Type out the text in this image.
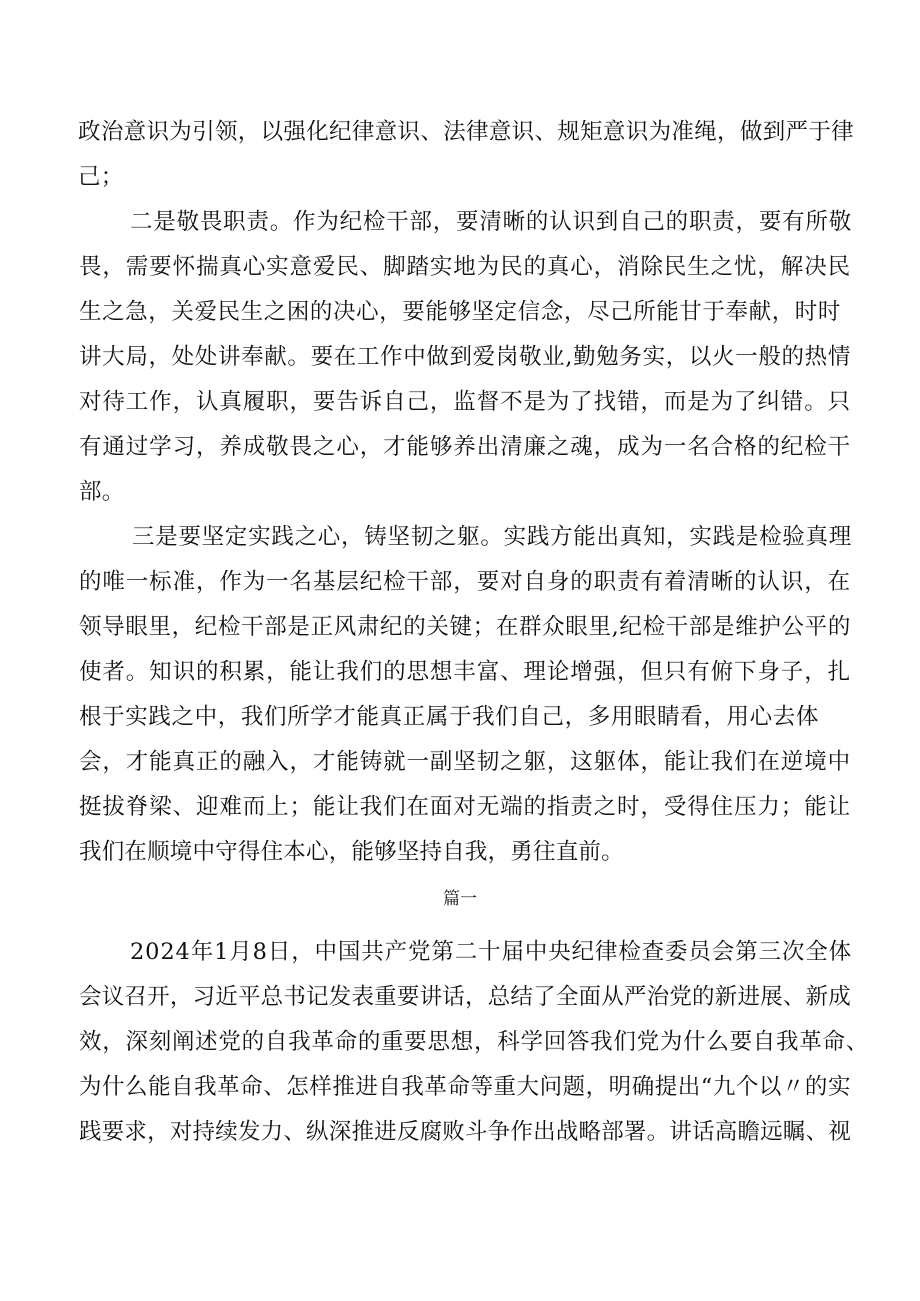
政治意识为引领，以强化纪律意识、法律意识、规矩意识为准绳，做到严于律
己；
二是敬畏职责。作为纪检干部，要清晰的认识到自己的职责，要有所敬
畏，需要怀揣真心实意爱民、脚踏实地为民的真心，消除民生之忧，解决民
生之急，关爱民生之困的决心，要能够坚定信念，尽己所能甘于奉献，时时
讲大局，处处讲奉献。要在工作中做到爱岗敬业,勤勉务实，以火一般的热情
对待工作，认真履职，要告诉自己，监督不是为了找错，而是为了纠错。只
有通过学习，养成敬畏之心，才能够养出清廉之魂，成为一名合格的纪检干
部。
三是要坚定实践之心，铸坚韧之躯。实践方能出真知，实践是检验真理
的唯一标准，作为一名基层纪检干部，要对自身的职责有着清晰的认识，在
领导眼里，纪检干部是正风肃纪的关键；在群众眼里,纪检干部是维护公平的
使者。知识的积累，能让我们的思想丰富、理论增强，但只有俯下身子，扎
根于实践之中，我们所学才能真正属于我们自己，多用眼睛看，用心去体
会，才能真正的融入，才能铸就一副坚韧之躯，这躯体，能让我们在逆境中
挺拔脊梁、迎难而上；能让我们在面对无端的指责之时，受得住压力；能让
我们在顺境中守得住本心，能够坚持自我，勇往直前。
篇一
2024年1月8日，中国共产党第二十届中央纪律检查委员会第三次全体
会议召开，习近平总书记发表重要讲话，总结了全面从严治党的新进展、新成
效，深刻阐述党的自我革命的重要思想，科学回答我们党为什么要自我革命、
为什么能自我革命、怎样推进自我革命等重大问题，明确提出“九个以〃的实
践要求，对持续发力、纵深推进反腐败斗争作出战略部署。讲话高瞻远瞩、视
